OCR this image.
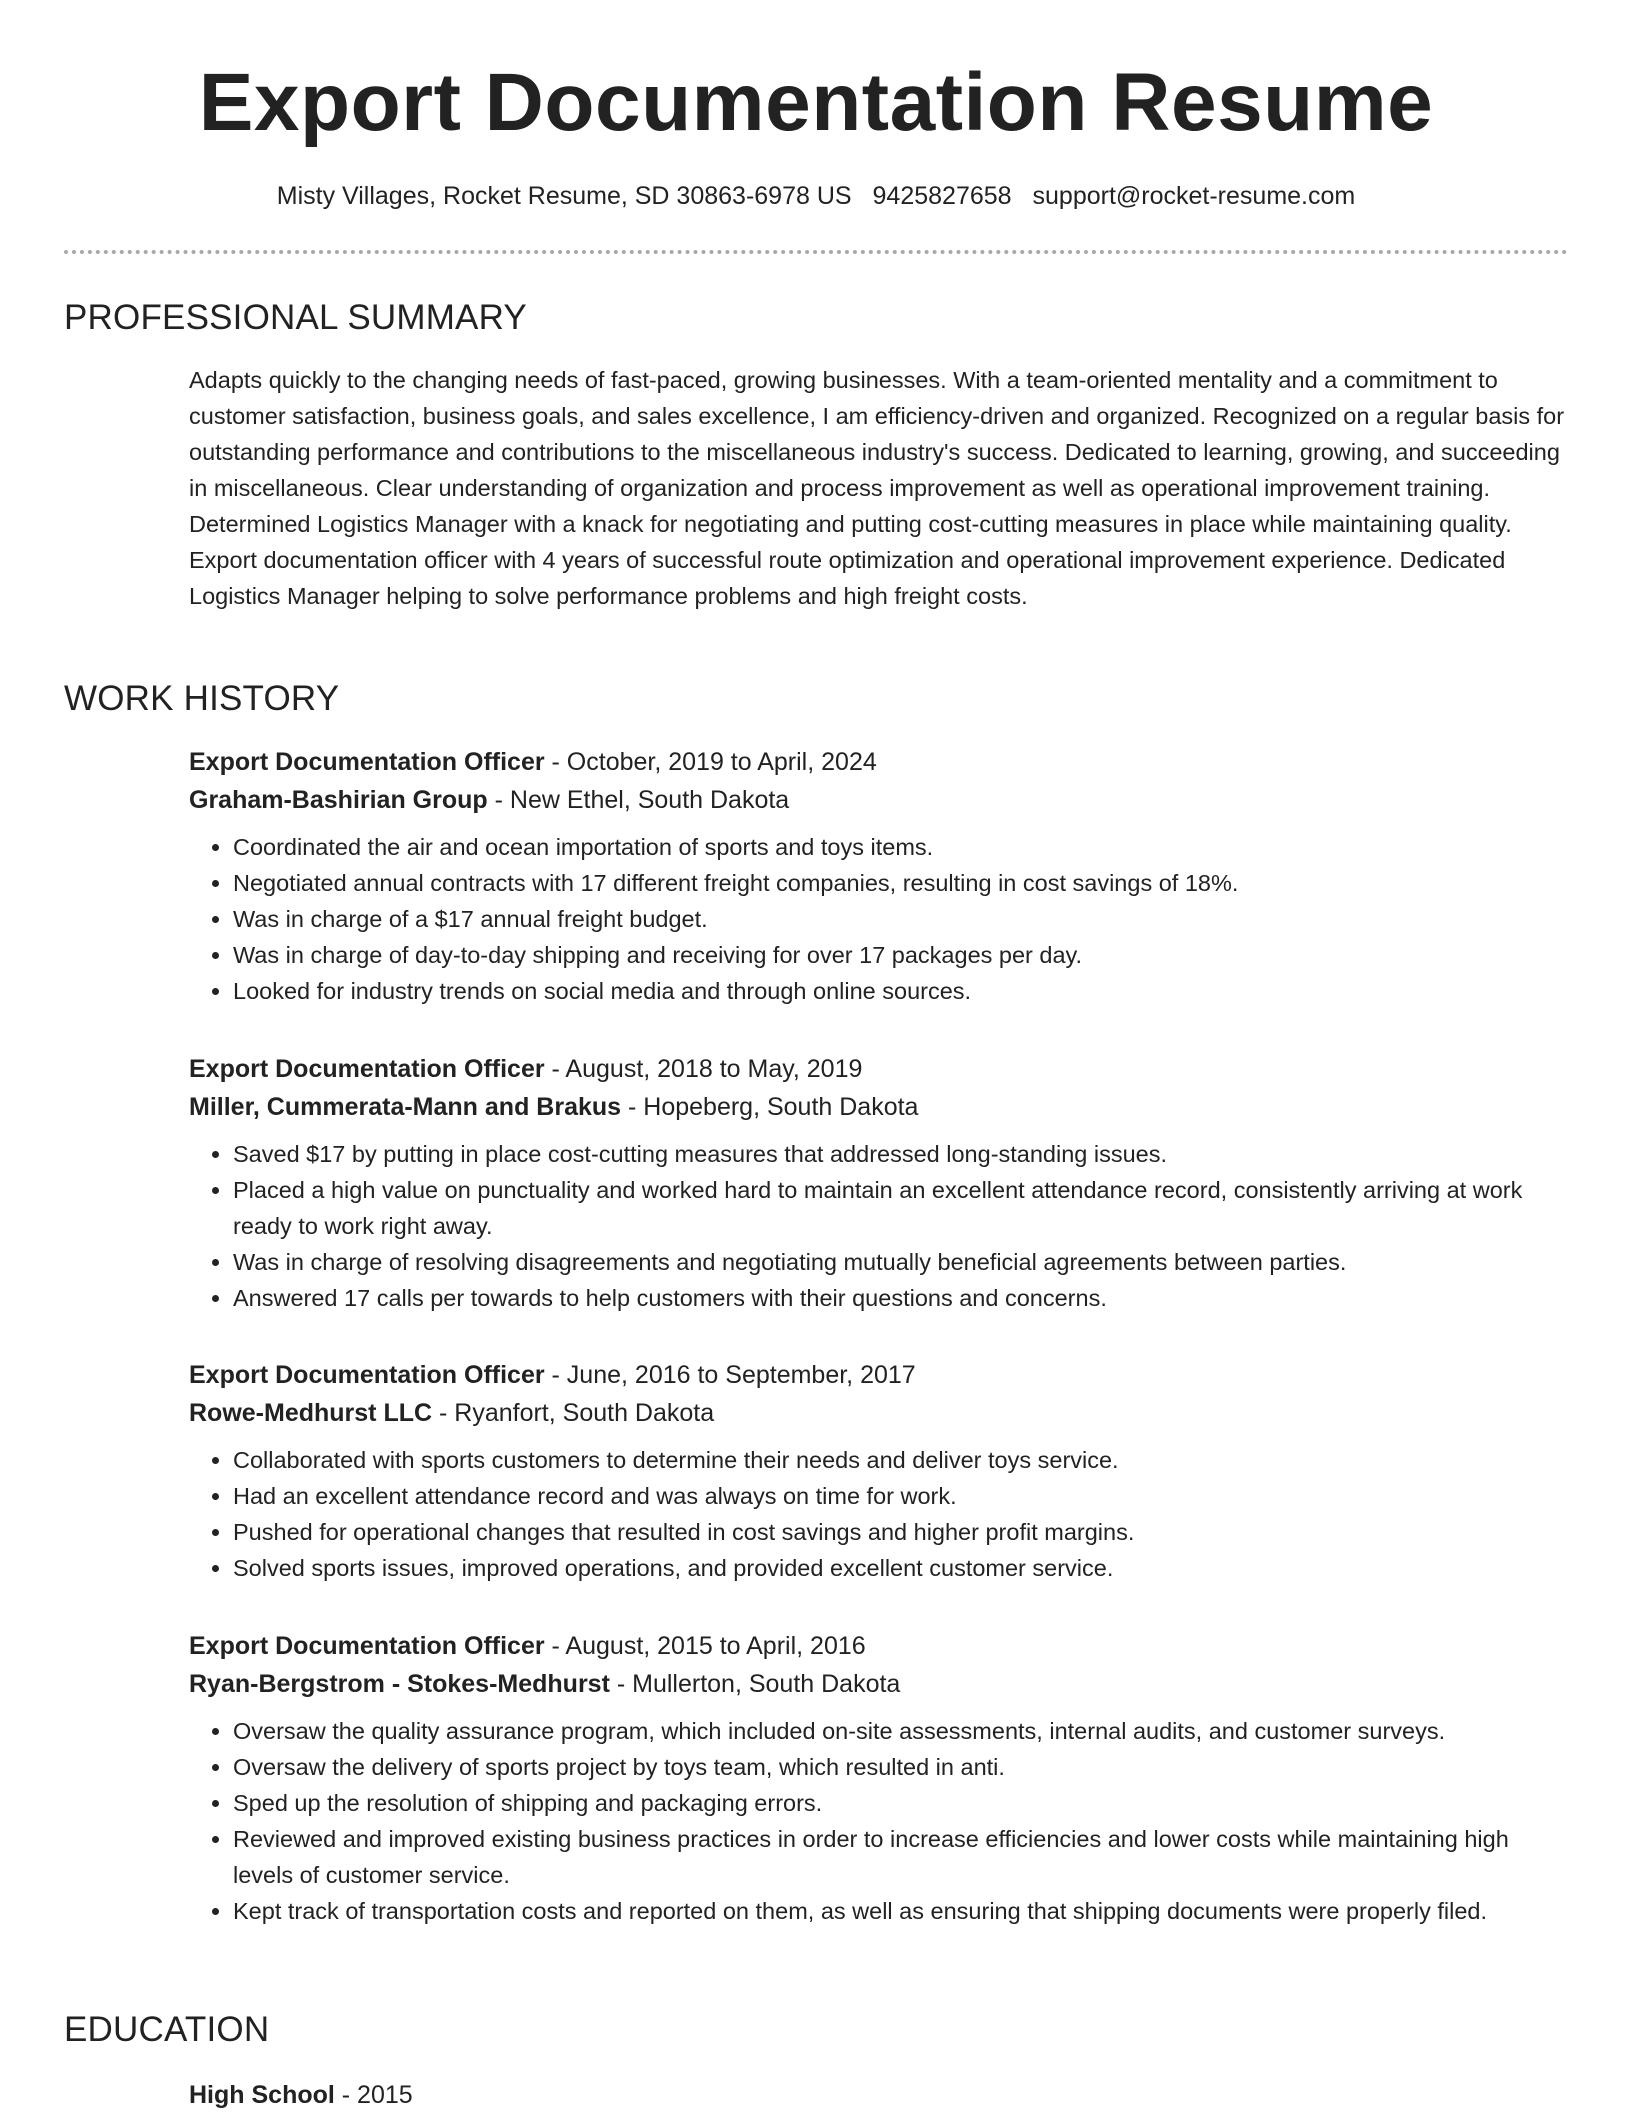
Export Documentation Resume
Misty Villages, Rocket Resume, SD 30863-6978 US 9425827658 support@rocket-resume.com
PROFESSIONAL SUMMARY

Adapts quickly to the changing needs of fast-paced, growing businesses. With a team-oriented mentality and a commitment to customer satisfaction, business goals, and sales excellence, I am efficiency-driven and organized. Recognized on a regular basis for outstanding performance and contributions to the miscellaneous industry's success. Dedicated to learning, growing, and succeeding in miscellaneous. Clear understanding of organization and process improvement as well as operational improvement training. Determined Logistics Manager with a knack for negotiating and putting cost-cutting measures in place while maintaining quality. Export documentation officer with 4 years of successful route optimization and operational improvement experience. Dedicated Logistics Manager helping to solve performance problems and high freight costs.

WORK HISTORY
Export Documentation Officer - October, 2019 to April, 2024
Graham-Bashirian Group - New Ethel, South Dakota
• Coordinated the air and ocean importation of sports and toys items.
• Negotiated annual contracts with 17 different freight companies, resulting in cost savings of 18%.
• Was in charge of a $17 annual freight budget.
• Was in charge of day-to-day shipping and receiving for over 17 packages per day.
• Looked for industry trends on social media and through online sources.
Export Documentation Officer - August, 2018 to May, 2019
Miller, Cummerata-Mann and Brakus - Hopeberg, South Dakota
• Saved $17 by putting in place cost-cutting measures that addressed long-standing issues.
• Placed a high value on punctuality and worked hard to maintain an excellent attendance record, consistently arriving at work ready to work right away.
• Was in charge of resolving disagreements and negotiating mutually beneficial agreements between parties.
• Answered 17 calls per towards to help customers with their questions and concerns.
Export Documentation Officer - June, 2016 to September, 2017
Rowe-Medhurst LLC - Ryanfort, South Dakota
• Collaborated with sports customers to determine their needs and deliver toys service.
• Had an excellent attendance record and was always on time for work.
• Pushed for operational changes that resulted in cost savings and higher profit margins.
• Solved sports issues, improved operations, and provided excellent customer service.
Export Documentation Officer - August, 2015 to April, 2016
Ryan-Bergstrom - Stokes-Medhurst - Mullerton, South Dakota
• Oversaw the quality assurance program, which included on-site assessments, internal audits, and customer surveys.
• Oversaw the delivery of sports project by toys team, which resulted in anti.
• Sped up the resolution of shipping and packaging errors.
• Reviewed and improved existing business practices in order to increase efficiencies and lower costs while maintaining high levels of customer service.
• Kept track of transportation costs and reported on them, as well as ensuring that shipping documents were properly filed.
EDUCATION
High School - 2015
